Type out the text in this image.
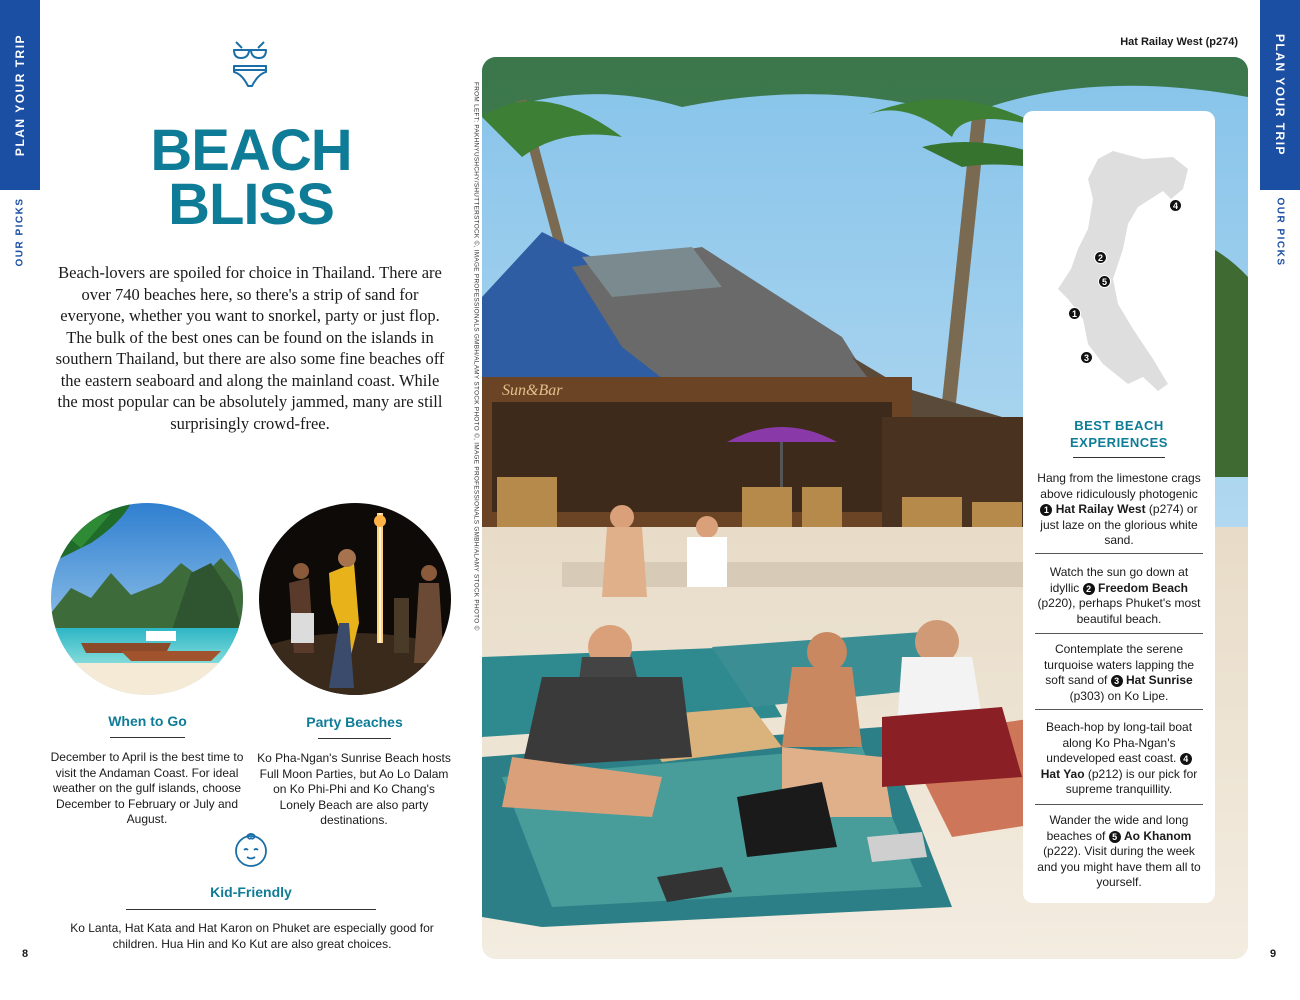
PLAN YOUR TRIP
OUR PICKS
PLAN YOUR TRIP
OUR PICKS
BEACH
BLISS

Beach-lovers are spoiled for choice in Thailand. There are over 740 beaches here, so there's a strip of sand for everyone, whether you want to snorkel, party or just flop. The bulk of the best ones can be found on the islands in southern Thailand, but there are also some fine beaches off the eastern seaboard and along the mainland coast. While the most popular can be absolutely jammed, many are still surprisingly crowd-free.

When to Go

December to April is the best time to visit the Andaman Coast. For ideal weather on the gulf islands, choose December to February or July and August.

Party Beaches

Ko Pha-Ngan's Sunrise Beach hosts Full Moon Parties, but Ao Lo Dalam on Ko Phi-Phi and Ko Chang's Lonely Beach are also party destinations.

Kid-Friendly

Ko Lanta, Hat Kata and Hat Karon on Phuket are especially good for children. Hua Hin and Ko Kut are also great choices.

8	9
FROM LEFT: PAKHNYUSHCHY/SHUTTERSTOCK ©, IMAGE PROFESSIONALS GMBH/ALAMY STOCK PHOTO ©, IMAGE PROFESSIONALS GMBH/ALAMY STOCK PHOTO ©
Hat Railay West (p274)
Sun&Bar
4
2
5
1
3
BEST BEACH
EXPERIENCES

Hang from the limestone crags above ridiculously photogenic 1 Hat Railay West (p274) or just laze on the glorious white sand.

Watch the sun go down at idyllic 2 Freedom Beach (p220), perhaps Phuket's most beautiful beach.

Contemplate the serene turquoise waters lapping the soft sand of 3 Hat Sunrise (p303) on Ko Lipe.

Beach-hop by long-tail boat along Ko Pha-Ngan's undeveloped east coast. 4 Hat Yao (p212) is our pick for supreme tranquillity.

Wander the wide and long beaches of 5 Ao Khanom (p222). Visit during the week and you might have them all to yourself.
